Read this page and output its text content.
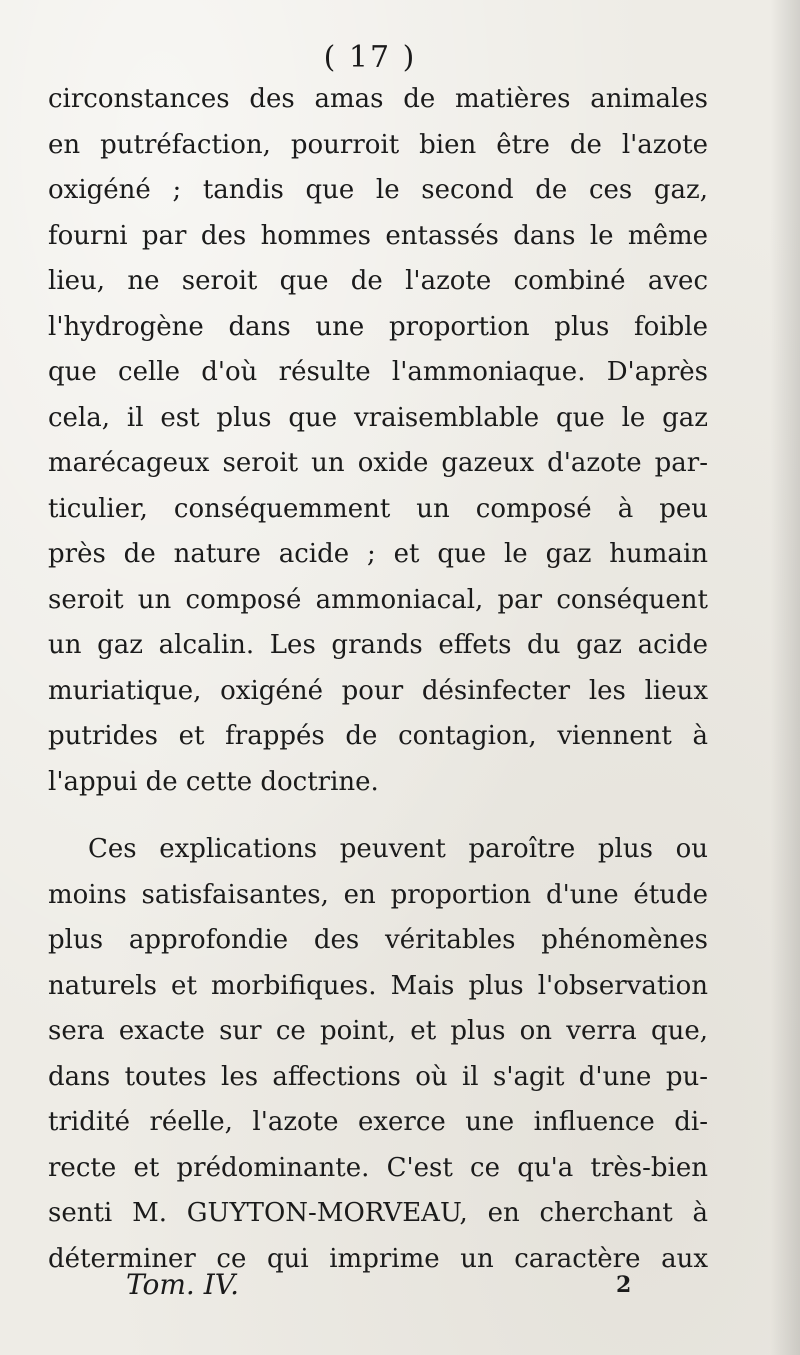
( 17 )

circonstances des amas de matières animales
en putréfaction, pourroit bien être de l'azote
oxigéné ; tandis que le second de ces gaz,
fourni par des hommes entassés dans le même
lieu, ne seroit que de l'azote combiné avec
l'hydrogène dans une proportion plus foible
que celle d'où résulte l'ammoniaque. D'après
cela, il est plus que vraisemblable que le gaz
marécageux seroit un oxide gazeux d'azote par-
ticulier, conséquemment un composé à peu
près de nature acide ; et que le gaz humain
seroit un composé ammoniacal, par conséquent
un gaz alcalin. Les grands effets du gaz acide
muriatique, oxigéné pour désinfecter les lieux
putrides et frappés de contagion, viennent à
l'appui de cette doctrine.
Ces explications peuvent paroître plus ou
moins satisfaisantes, en proportion d'une étude
plus approfondie des véritables phénomènes
naturels et morbifiques. Mais plus l'observation
sera exacte sur ce point, et plus on verra que,
dans toutes les affections où il s'agit d'une pu-
tridité réelle, l'azote exerce une influence di-
recte et prédominante. C'est ce qu'a très-bien
senti M. GUYTON-MORVEAU, en cherchant à
déterminer ce qui imprime un caractère aux
Tom. IV.	2
